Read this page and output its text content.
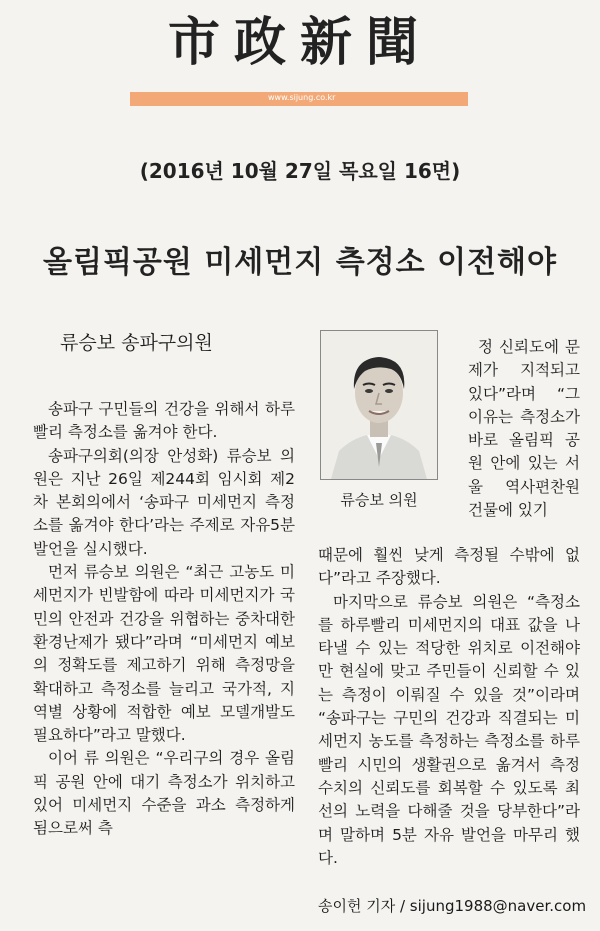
市政新聞
www.sijung.co.kr
(2016년 10월 27일 목요일 16면)
올림픽공원 미세먼지 측정소 이전해야
류승보 송파구의원

송파구 구민들의 건강을 위해서 하루 빨리 측정소를 옮겨야 한다.

송파구의회(의장 안성화) 류승보 의원은 지난 26일 제244회 임시회 제2차 본회의에서 ‘송파구 미세먼지 측정소를 옮겨야 한다’라는 주제로 자유5분발언을 실시했다.

먼저 류승보 의원은 “최근 고농도 미세먼지가 빈발함에 따라 미세먼지가 국민의 안전과 건강을 위협하는 중차대한 환경난제가 됐다”라며 “미세먼지 예보의 정확도를 제고하기 위해 측정망을 확대하고 측정소를 늘리고 국가적, 지역별 상황에 적합한 예보 모델개발도 필요하다”라고 말했다.

이어 류 의원은 “우리구의 경우 올림픽 공원 안에 대기 측정소가 위치하고 있어 미세먼지 수준을 과소 측정하게 됨으로써 측

류승보 의원

정 신뢰도에 문제가 지적되고 있다”라며 “그 이유는 측정소가 바로 올림픽 공원 안에 있는 서울 역사편찬원 건물에 있기

때문에 훨씬 낮게 측정될 수밖에 없다”라고 주장했다.

마지막으로 류승보 의원은 “측정소를 하루빨리 미세먼지의 대표 값을 나타낼 수 있는 적당한 위치로 이전해야만 현실에 맞고 주민들이 신뢰할 수 있는 측정이 이뤄질 수 있을 것”이라며 “송파구는 구민의 건강과 직결되는 미세먼지 농도를 측정하는 측정소를 하루빨리 시민의 생활권으로 옮겨서 측정 수치의 신뢰도를 회복할 수 있도록 최선의 노력을 다해줄 것을 당부한다”라며 말하며 5분 자유 발언을 마무리 했다.

송이헌 기자 / sijung1988@naver.com
